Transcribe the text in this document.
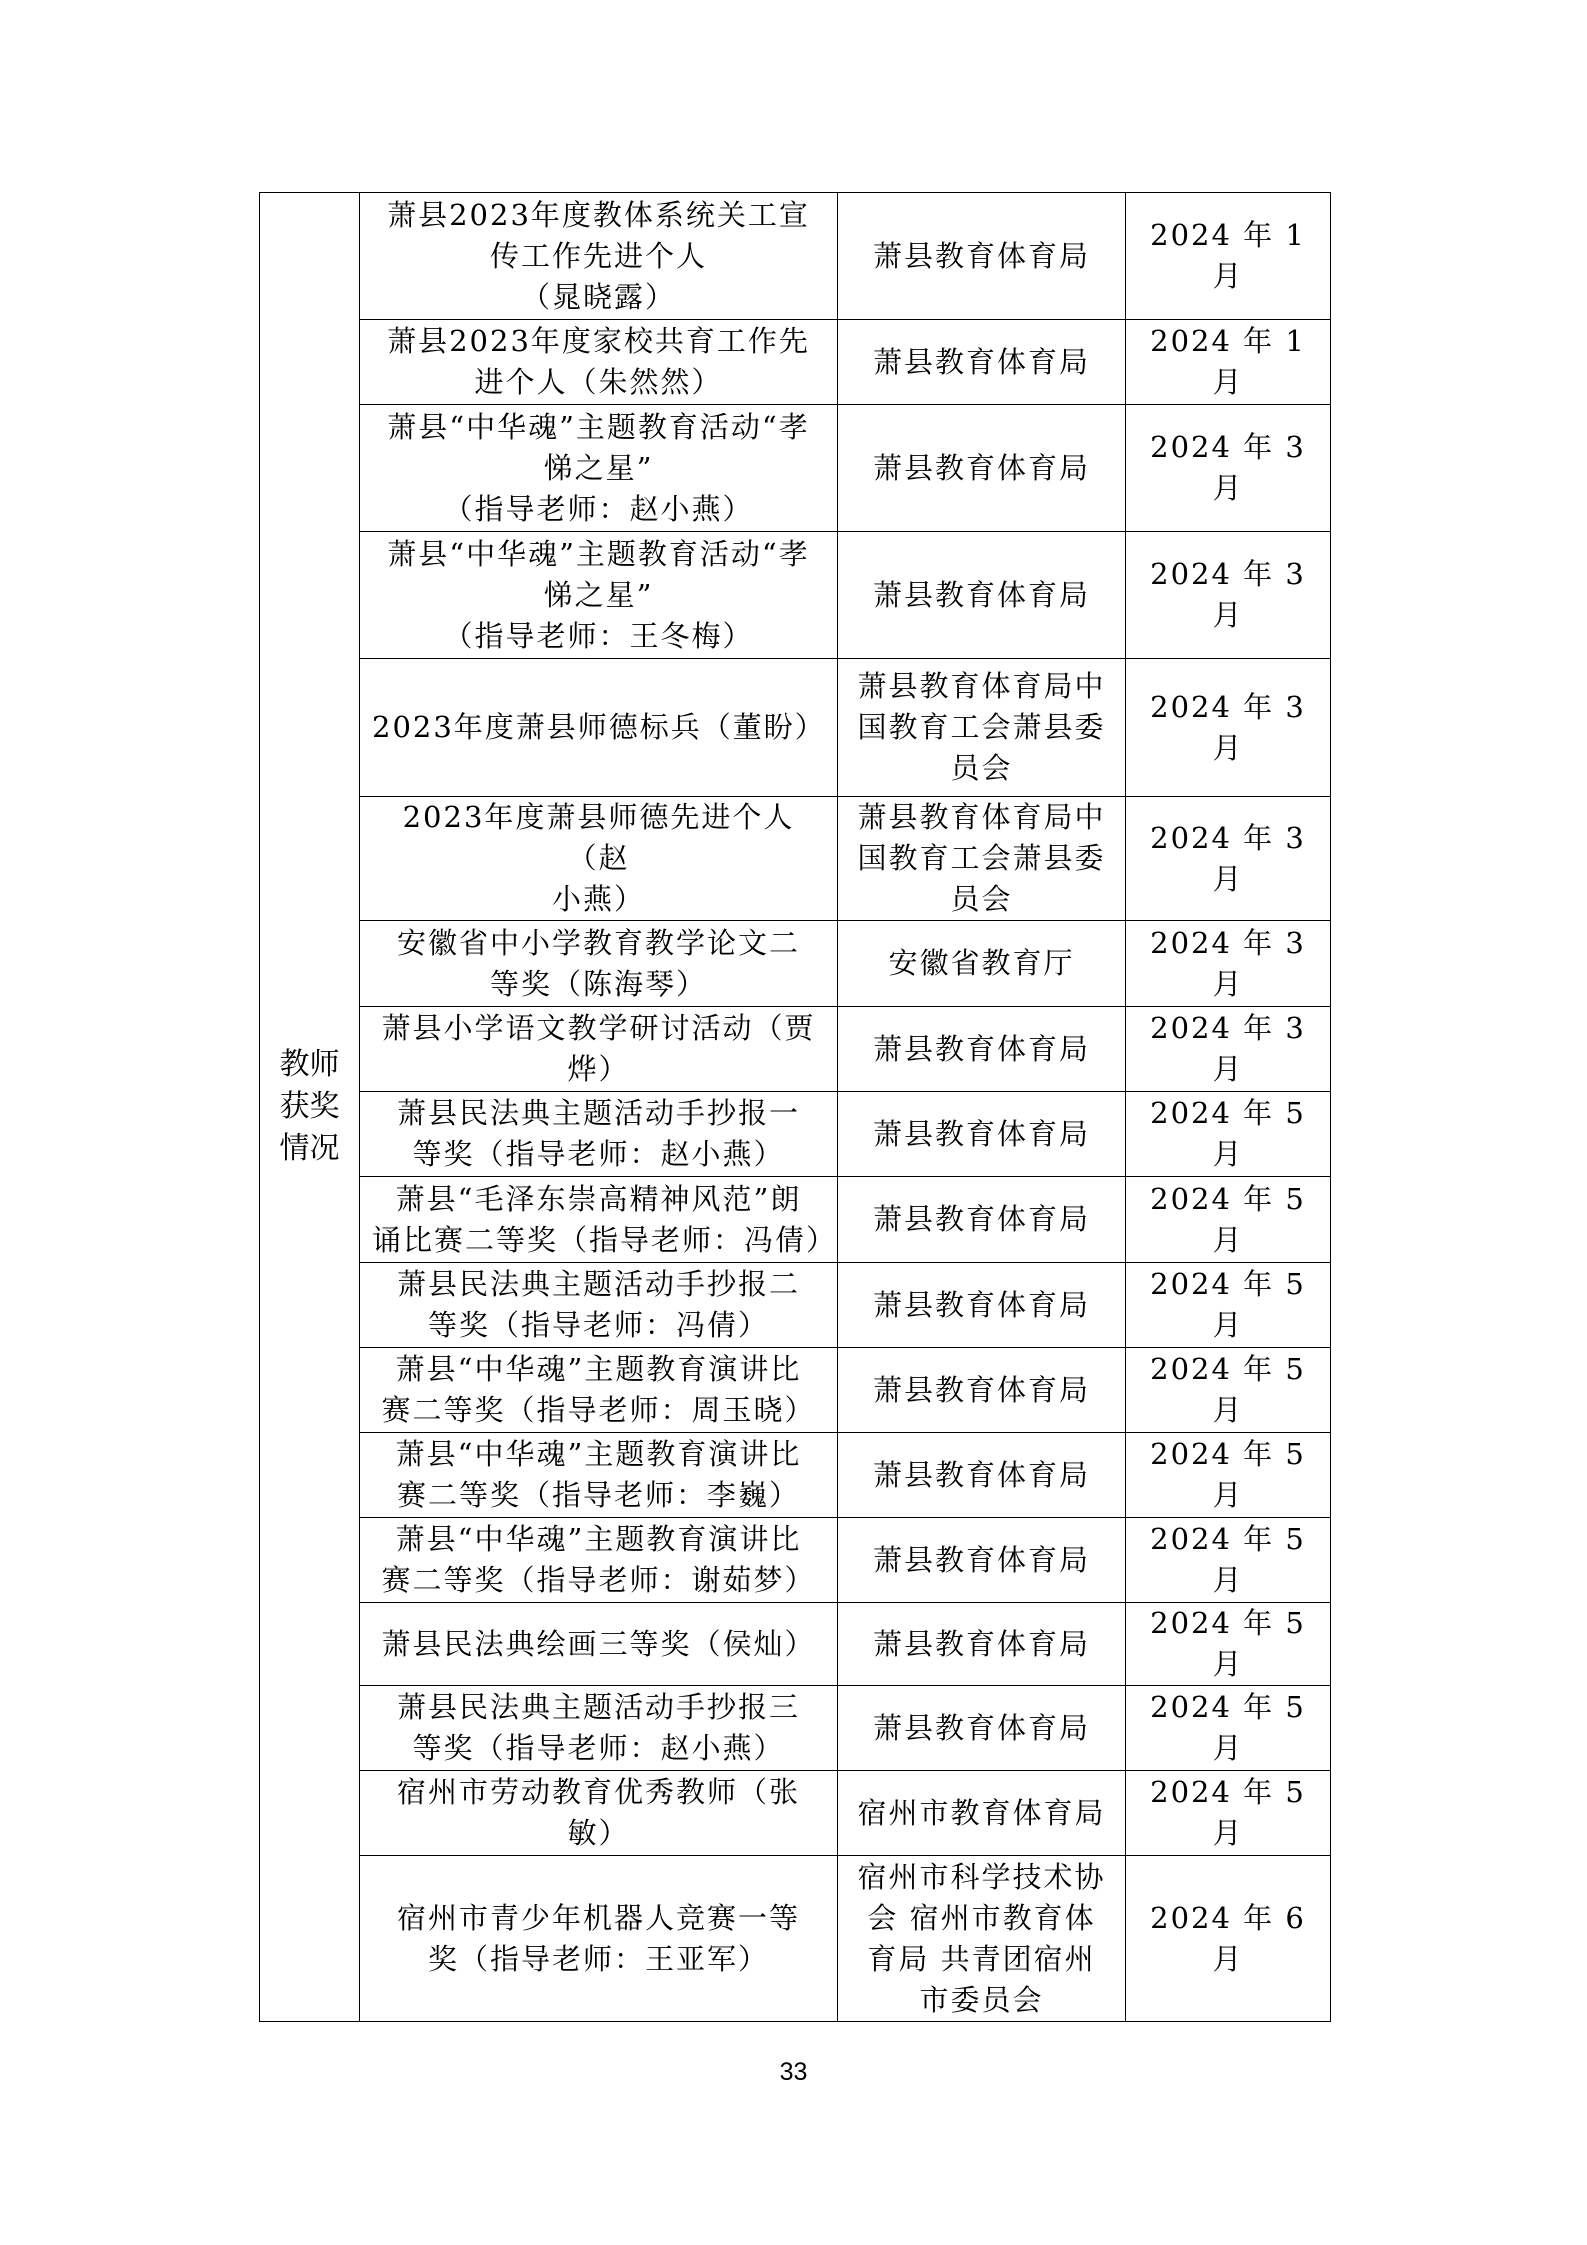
教师
获奖
情况	萧县2023年度教体系统关工宣
传工作先进个人
（晁晓露）	萧县教育体育局	2024 年 1 月
	萧县2023年度家校共育工作先
进个人（朱然然）	萧县教育体育局	2024 年 1 月
	萧县“中华魂”主题教育活动“孝
悌之星”
（指导老师：赵小燕）	萧县教育体育局	2024 年 3 月
	萧县“中华魂”主题教育活动“孝
悌之星”
（指导老师：王冬梅）	萧县教育体育局	2024 年 3 月
	2023年度萧县师德标兵（董盼）	萧县教育体育局中
国教育工会萧县委
员会	2024 年 3 月
	2023年度萧县师德先进个人（赵
小燕）	萧县教育体育局中
国教育工会萧县委
员会	2024 年 3 月
	安徽省中小学教育教学论文二
等奖（陈海琴）	安徽省教育厅	2024 年 3 月
	萧县小学语文教学研讨活动（贾
烨）	萧县教育体育局	2024 年 3 月
	萧县民法典主题活动手抄报一
等奖（指导老师：赵小燕）	萧县教育体育局	2024 年 5 月
	萧县“毛泽东崇高精神风范”朗
诵比赛二等奖（指导老师：冯倩）	萧县教育体育局	2024 年 5 月
	萧县民法典主题活动手抄报二
等奖（指导老师：冯倩）	萧县教育体育局	2024 年 5 月
	萧县“中华魂”主题教育演讲比
赛二等奖（指导老师：周玉晓）	萧县教育体育局	2024 年 5 月
	萧县“中华魂”主题教育演讲比
赛二等奖（指导老师：李巍）	萧县教育体育局	2024 年 5 月
	萧县“中华魂”主题教育演讲比
赛二等奖（指导老师：谢茹梦）	萧县教育体育局	2024 年 5 月
	萧县民法典绘画三等奖（侯灿）	萧县教育体育局	2024 年 5 月
	萧县民法典主题活动手抄报三
等奖（指导老师：赵小燕）	萧县教育体育局	2024 年 5 月
	宿州市劳动教育优秀教师（张
敏）	宿州市教育体育局	2024 年 5 月
	宿州市青少年机器人竞赛一等
奖（指导老师：王亚军）	宿州市科学技术协
会 宿州市教育体
育局 共青团宿州
市委员会	2024 年 6 月
33
